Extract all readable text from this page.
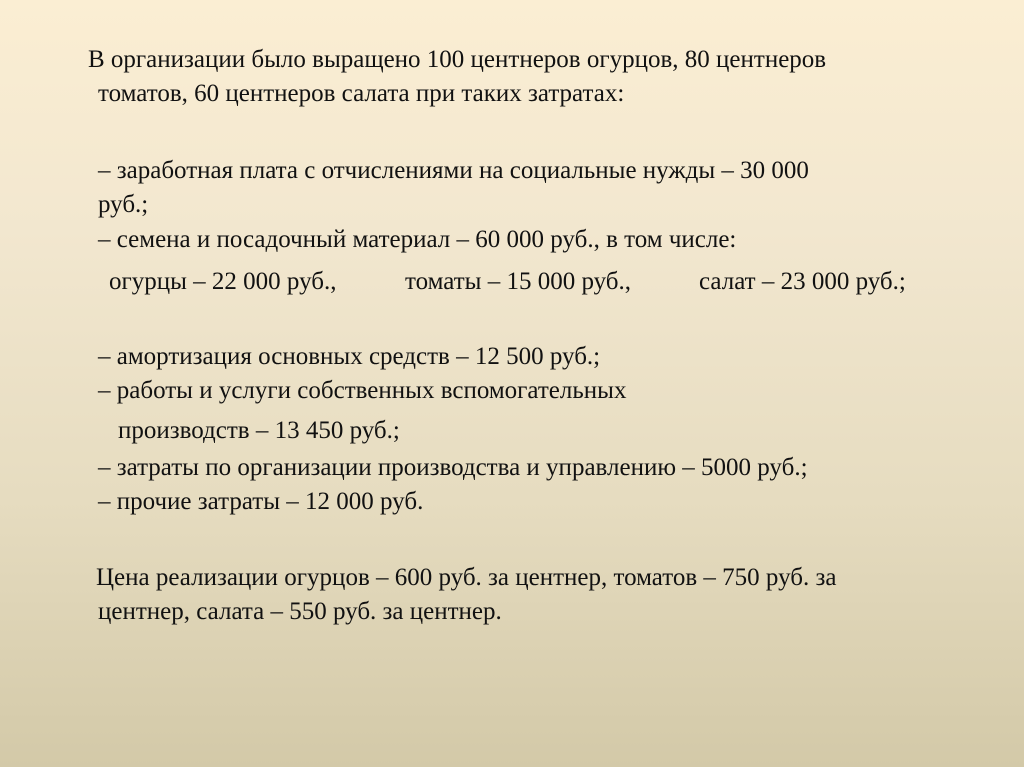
В организации было выращено 100 центнеров огурцов, 80 центнеров
томатов, 60 центнеров салата при таких затратах:
– заработная плата с отчислениями на социальные нужды – 30 000
руб.;
– семена и посадочный материал – 60 000 руб., в том числе:
огурцы – 22 000 руб.,	томаты – 15 000 руб.,	салат – 23 000 руб.;
– амортизация основных средств – 12 500 руб.;
– работы и услуги собственных вспомогательных
производств – 13 450 руб.;
– затраты по организации производства и управлению – 5000 руб.;
– прочие затраты – 12 000 руб.
Цена реализации огурцов – 600 руб. за центнер, томатов – 750 руб. за
центнер, салата – 550 руб. за центнер.
